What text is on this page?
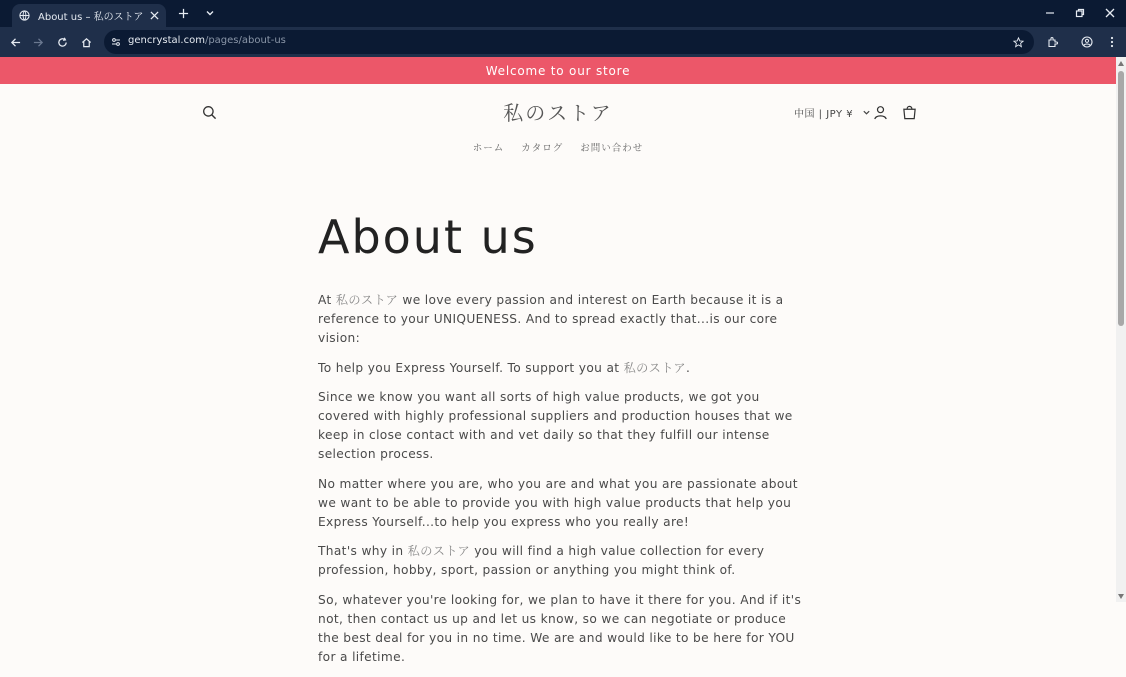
About us – 私のストア
gencrystal.com/pages/about-us
Welcome to our store
私のストア	中国 | JPY ¥
ホーム カタログ お問い合わせ
About us

At 私のストア we love every passion and interest on Earth because it is a reference to your UNIQUENESS. And to spread exactly that...is our core vision:

To help you Express Yourself. To support you at 私のストア.

Since we know you want all sorts of high value products, we got you covered with highly professional suppliers and production houses that we keep in close contact with and vet daily so that they fulfill our intense selection process.

No matter where you are, who you are and what you are passionate about we want to be able to provide you with high value products that help you Express Yourself...to help you express who you really are!

That's why in 私のストア you will find a high value collection for every profession, hobby, sport, passion or anything you might think of.

So, whatever you're looking for, we plan to have it there for you. And if it's not, then contact us up and let us know, so we can negotiate or produce the best deal for you in no time. We are and would like to be here for YOU for a lifetime.
